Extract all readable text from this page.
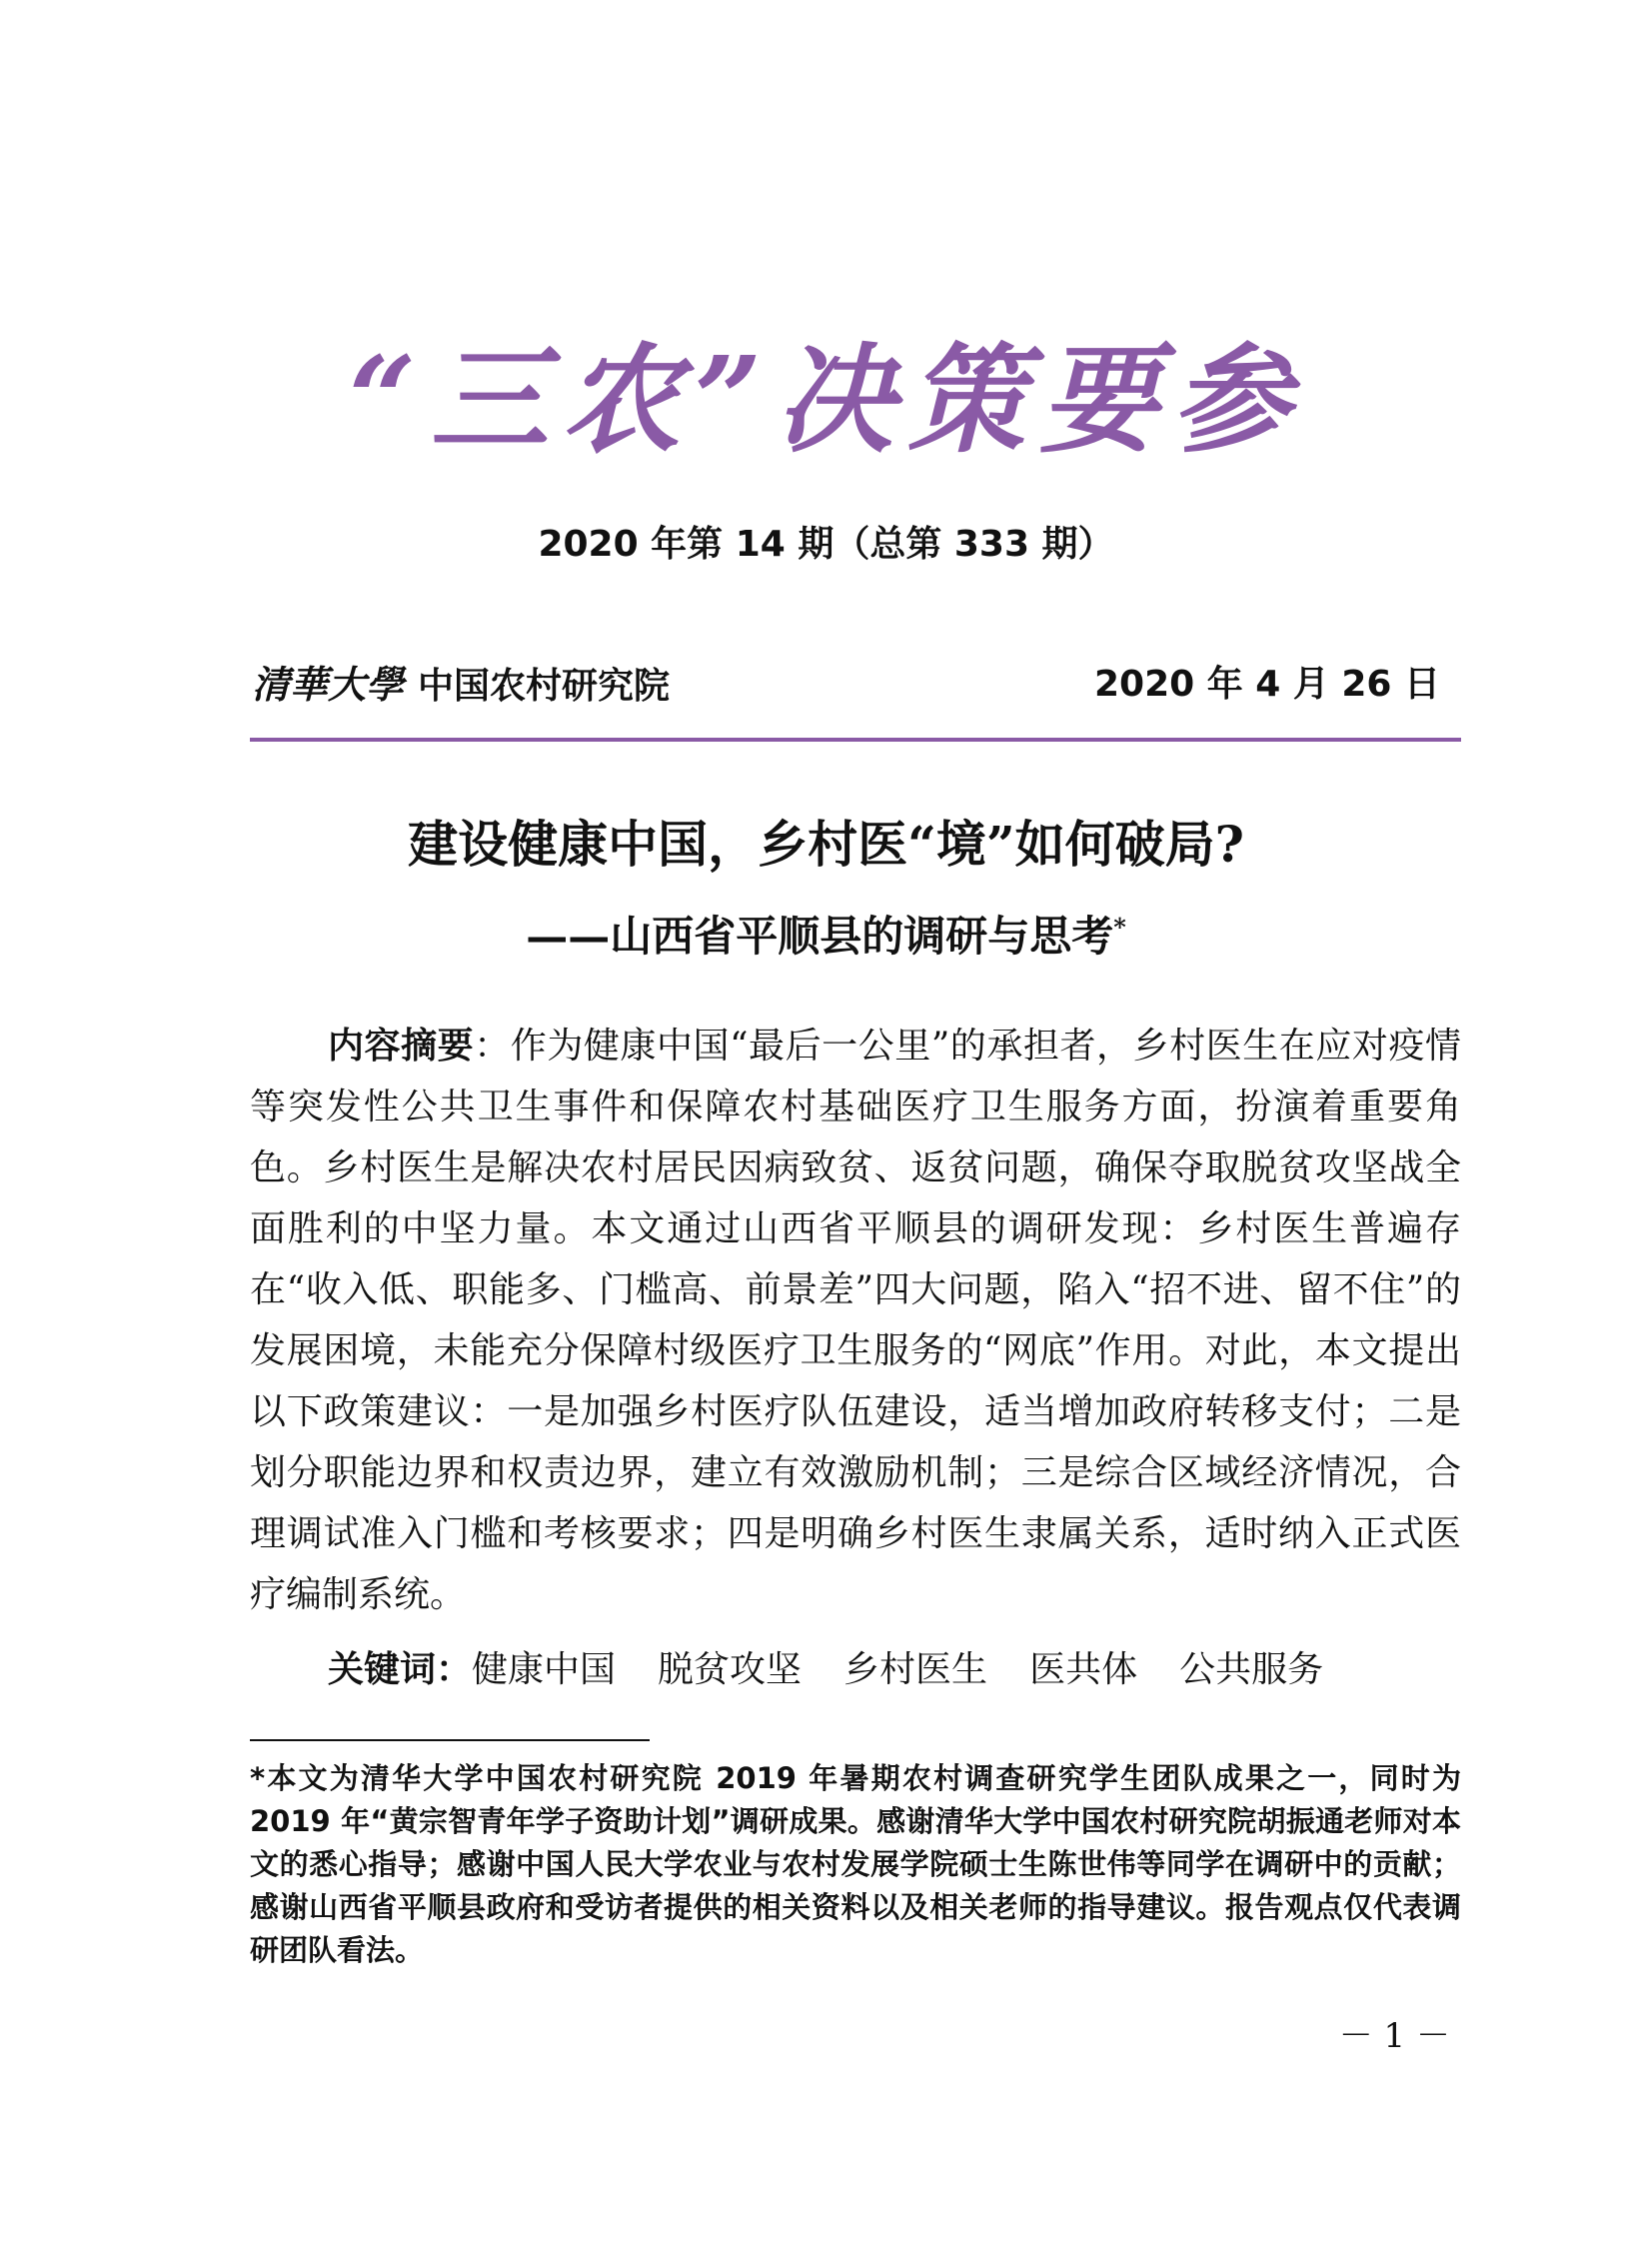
“三农”决策要参
2020 年第 14 期（总第 333 期）
清華大學 中国农村研究院	2020 年 4 月 26 日
建设健康中国，乡村医“境”如何破局?
——山西省平顺县的调研与思考*

内容摘要：作为健康中国“最后一公里”的承担者，乡村医生在应对疫情等突发性公共卫生事件和保障农村基础医疗卫生服务方面，扮演着重要角色。乡村医生是解决农村居民因病致贫、返贫问题，确保夺取脱贫攻坚战全面胜利的中坚力量。本文通过山西省平顺县的调研发现：乡村医生普遍存在“收入低、职能多、门槛高、前景差”四大问题，陷入“招不进、留不住”的发展困境，未能充分保障村级医疗卫生服务的“网底”作用。对此，本文提出以下政策建议：一是加强乡村医疗队伍建设，适当增加政府转移支付；二是划分职能边界和权责边界，建立有效激励机制；三是综合区域经济情况，合理调试准入门槛和考核要求；四是明确乡村医生隶属关系，适时纳入正式医疗编制系统。

关键词：健康中国 脱贫攻坚 乡村医生 医共体 公共服务

*本文为清华大学中国农村研究院 2019 年暑期农村调查研究学生团队成果之一，同时为 2019 年“黄宗智青年学子资助计划”调研成果。感谢清华大学中国农村研究院胡振通老师对本文的悉心指导；感谢中国人民大学农业与农村发展学院硕士生陈世伟等同学在调研中的贡献；感谢山西省平顺县政府和受访者提供的相关资料以及相关老师的指导建议。报告观点仅代表调研团队看法。

－ 1 －
